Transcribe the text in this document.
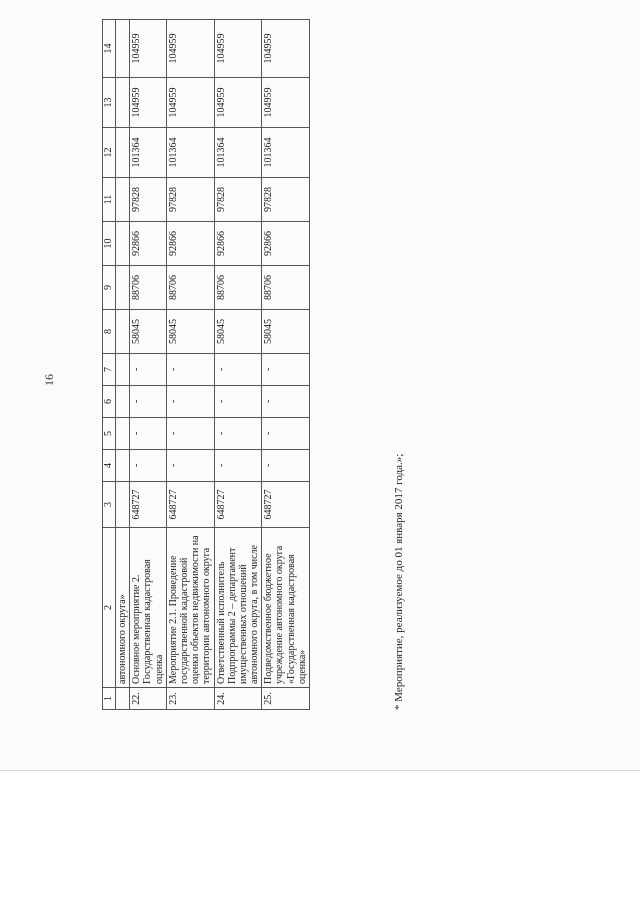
16
1	2	3	4	5	6	7	8	9	10	11	12	13	14
	автономного округа»												
22.	Основное мероприятие 2. Государственная кадастровая оценка	648727	-	-	-	-	58045	88706	92866	97828	101364	104959	104959
23.	Мероприятие 2.1. Проведение государственной кадастровой оценки объектов недвижимости на территории автономного округа	648727	-	-	-	-	58045	88706	92866	97828	101364	104959	104959
24.	Ответственный исполнитель Подпрограммы 2 – департамент имущественных отношений автономного округа, в том числе	648727	-	-	-	-	58045	88706	92866	97828	101364	104959	104959
25.	Подведомственное бюджетное учреждение автономного округа «Государственная кадастровая оценка»	648727	-	-	-	-	58045	88706	92866	97828	101364	104959	104959
* Мероприятие, реализуемое до 01 января 2017 года.»;
